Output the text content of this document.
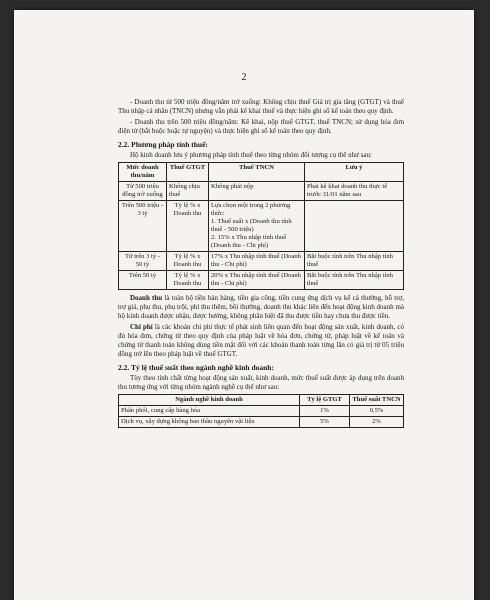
2

- Doanh thu từ 500 triệu đồng/năm trở xuống: Không chịu thuế Giá trị gia tăng (GTGT) và thuế Thu nhập cá nhân (TNCN) nhưng vẫn phải kê khai thuế và thực hiện ghi sổ kế toán theo quy định.

- Doanh thu trên 500 triệu đồng/năm: Kê khai, nộp thuế GTGT, thuế TNCN; sử dụng hóa đơn điện tử (bắt buộc hoặc tự nguyện) và thực hiện ghi sổ kế toán theo quy định.

2.2. Phương pháp tính thuế:

Hộ kinh doanh lưu ý phương pháp tính thuế theo từng nhóm đối tượng cụ thể như sau:

Mức doanh thu/năm	Thuế GTGT	Thuế TNCN	Lưu ý
Từ 500 triệu đồng trở xuống	Không chịu thuế	Không phải nộp	Phải kê khai doanh thu thực tế trước 31/01 năm sau
Trên 500 triệu - 3 tỷ	Tỷ lệ % x Doanh thu	Lựa chọn một trong 2 phương thức:
1. Thuế suất x (Doanh thu tính thuế - 500 triệu)
2. 15% x Thu nhập tính thuế (Doanh thu - Chi phí)	
Từ trên 3 tỷ - 50 tỷ	Tỷ lệ % x Doanh thu	17% x Thu nhập tính thuế (Doanh thu - Chi phí)	Bắt buộc tính trên Thu nhập tính thuế
Trên 50 tỷ	Tỷ lệ % x Doanh thu	20% x Thu nhập tính thuế (Doanh thu - Chi phí)	Bắt buộc tính trên Thu nhập tính thuế

Doanh thu là toàn bộ tiền bán hàng, tiền gia công, tiền cung ứng dịch vụ kể cả thưởng, hỗ trợ, trợ giá, phụ thu, phụ trội, phí thu thêm, bồi thường, doanh thu khác liên đến hoạt động kinh doanh mà hộ kinh doanh được nhận, được hưởng, không phân biệt đã thu được tiền hay chưa thu được tiền.

Chi phí là các khoản chi phí thực tế phát sinh liên quan đến hoạt động sản xuất, kinh doanh, có đủ hóa đơn, chứng từ theo quy định của pháp luật về hóa đơn, chứng từ, pháp luật về kế toán và chứng từ thanh toán không dùng tiền mặt đối với các khoản thanh toán từng lần có giá trị từ 05 triệu đồng trở lên theo pháp luật về thuế GTGT.

2.2. Tỷ lệ thuế suất theo ngành nghề kinh doanh:

Tùy theo tính chất từng hoạt động sản xuất, kinh doanh, mức thuế suất được áp dụng trên doanh thu tương ứng với từng nhóm ngành nghề cụ thể như sau:

Ngành nghề kinh doanh	Tỷ lệ GTGT	Thuế suất TNCN
Phân phối, cung cấp hàng hóa	1%	0.5%
Dịch vụ, xây dựng không bao thầu nguyên vật liệu	5%	2%
